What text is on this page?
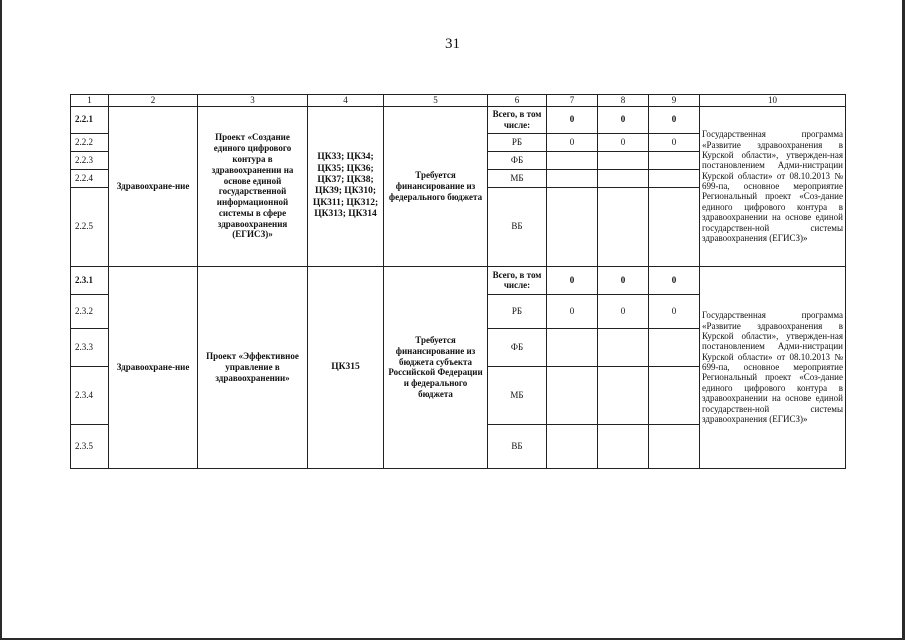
31
1	2	3	4	5	6	7	8	9	10
2.2.1	Здравоохране-ние	Проект «Создание единого цифрового контура в здравоохранении на основе единой государственной информационной системы в сфере здравоохранения (ЕГИСЗ)»	ЦК33; ЦК34; ЦК35; ЦК36; ЦК37; ЦК38; ЦК39; ЦК310; ЦК311; ЦК312; ЦК313; ЦК314	Требуется финансирование из федерального бюджета	Всего, в том числе:	0	0	0	Государственная программа «Развитие здравоохранения в Курской области», утвержден-ная постановлением Адми-нистрации Курской области» от 08.10.2013 № 699-па, основное мероприятие Региональный проект «Соз-дание единого цифрового контура в здравоохранении на основе единой государствен-ной системы здравоохранения (ЕГИСЗ)»
2.2.2					РБ	0	0	0	
2.2.3					ФБ				
2.2.4					МБ				
2.2.5					ВБ				
2.3.1	Здравоохране-ние	Проект «Эффективное управление в здравоохранении»	ЦК315	Требуется финансирование из бюджета субъекта Российской Федерации и федерального бюджета	Всего, в том числе:	0	0	0	Государственная программа «Развитие здравоохранения в Курской области», утвержден-ная постановлением Адми-нистрации Курской области» от 08.10.2013 № 699-па, основное мероприятие Региональный проект «Соз-дание единого цифрового контура в здравоохранении на основе единой государствен-ной системы здравоохранения (ЕГИСЗ)»
2.3.2					РБ	0	0	0	
2.3.3					ФБ				
2.3.4					МБ				
2.3.5					ВБ				
